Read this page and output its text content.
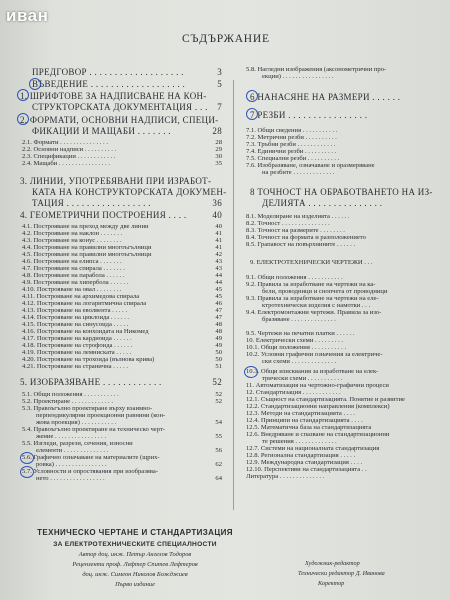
иван
СЪДЪРЖАНИЕ
ПРЕДГОВОР . . . . . . . . . . . . . . . . . . .	3
ВЪВЕДЕНИЕ . . . . . . . . . . . . . . . . . . .	5
1. ШРИФТОВЕ ЗА НАДПИСВАНЕ НА КОН-
СТРУКТОРСКАТА ДОКУМЕНТАЦИЯ . . . 7
2. ФОРМАТИ, ОСНОВНИ НАДПИСИ, СПЕЦИ-
ФИКАЦИИ И МАЩАБИ . . . . . . .	28
2.1. Формати . . . . . . . . . . . . . . .	28
2.2. Основни надписи . . . . . . . . . .	29
2.3. Спецификации . . . . . . . . . . . .	30
2.4. Мащаби . . . . . . . . . . . . . . . .	35
3. ЛИНИИ, УПОТРЕБЯВАНИ ПРИ ИЗРАБОТ-
КАТА НА КОНСТРУКТОРСКАТА ДОКУМЕН-
ТАЦИЯ . . . . . . . . . . . . . . . . .	36
4. ГЕОМЕТРИЧНИ ПОСТРОЕНИЯ . . . .	40
4.1. Построяване на преход между две линии	40
4.2. Построяване на наклон . . . . . . .	41
4.3. Построяване на конус . . . . . . . .	41
4.4. Построяване на правилни многоъгълници	41
4.5. Построяване на правилни многоъгълници	42
4.6. Построяване на елипса . . . . . . .	43
4.7. Построяване на спирала . . . . . . .	43
4.8. Построяване на парабола . . . . . .	44
4.9. Построяване на хипербола . . . . . .	44
4.10. Построяване на овал . . . . . . . .	45
4.11. Построяване на архимедова спирала	45
4.12. Построяване на логаритмична спирала	46
4.13. Построяване на еволвента . . . . .	47
4.14. Построяване на циклоида . . . . . .	47
4.15. Построяване на синусоида . . . . .	48
4.16. Построяване на конхоидата на Никомед	48
4.17. Построяване на кардиоида . . . . . .	49
4.18. Построяване на строфоида . . . . . .	49
4.19. Построяване на лемниската . . . . .	50
4.20. Построяване на трохоида (вълнова крива)	50
4.21. Построяване на странична . . . . .	51
5. ИЗОБРАЗЯВАНЕ . . . . . . . . . . . .	52
5.1. Общи положения . . . . . . . . . . .	52
5.2. Проектиране . . . . . . . . . . . . .	52
5.3. Правоъгълно проектиране върху взаимно-
перпендикулярни проекционни равнини (кон-
жова проекция) . . . . . . . . . . .	54
5.4. Правоъгълно проектиране на техническо черт-
жение . . . . . . . . . . . . . . . .	55
5.5. Изгледи, разрези, сечения, износни
елементи . . . . . . . . . . . . . .	56
5.6. Графично означаване на материалите (щрих-
ровка) . . . . . . . . . . . . . . . .	62
5.7. Условности и опростявания при изобразява-
нето . . . . . . . . . . . . . . . . .	64
5.8. Нагледни изображения (аксонометрични про-
екции) . . . . . . . . . . . . . . . .
6 НАНАСЯНЕ НА РАЗМЕРИ . . . . . .
7 РЕЗБИ . . . . . . . . . . . . . . . .
7.1. Общи сведения . . . . . . . . . . .
7.2. Метрични резби . . . . . . . . . .
7.3. Тръбни резби . . . . . . . . . . . .
7.4. Единични резби . . . . . . . . . .
7.5. Специални резби . . . . . . . . . .
7.6. Изобразяване, означаване и оразмеряване
на резбите . . . . . . . . . . . . .
8 ТОЧНОСТ НА ОБРАБОТВАНЕТО НА ИЗ-
ДЕЛИЯТА . . . . . . . . . . . . . . .
8.1. Моделиране на изделията . . . . . .
8.2. Точност . . . . . . . . . . . . . . .
8.3. Точност на размерите . . . . . . . .
8.4. Точност на формата и разположението
8.5. Грапавост на повърхнините . . . . . .
9. ЕЛЕКТРОТЕХНИЧЕСКИ ЧЕРТЕЖИ . . .
9.1. Общи положения . . . . . . . . . . .
9.2. Правила за изработване на чертежи на ка-
бели, проводници и снопчета от проводници
9.3. Правила за изработване на чертежи на еле-
ктротехнически изделия с намотки . . .
9.4. Електромонтажни чертежи. Правила за изо-
бразяване . . . . . . . . . . . . . .
9.5. Чертежи на печатни платки . . . . . .
10. Електрически схеми . . . . . . . . .
10.1. Общи положения . . . . . . . . . . .
10.2. Условни графични означения за електриче-
ски схеми . . . . . . . . . . . . . .
10.3. Общи изисквания за изработване на елек-
трически схеми . . . . . . . . . . .
11. Автоматизация на чертожно-графични процеси
12. Стандартизация . . . . . . . . . . . .
12.1. Същност на стандартизацията. Понятие и развитие
12.2. Стандартизационни направления (комплекси)
12.3. Методи на стандартизацията . . . .
12.4. Принципи на стандартизацията . . . .
12.5. Математична база на стандартизацията
12.6. Внедряване и спазване на стандартизационни
те решения . . . . . . . . . . . . .
12.7. Системи на националната стандартизация
12.8. Регионална стандартизация . . . . .
12.9. Международна стандартизация . . . .
12.10. Перспективи на стандартизацията . .
Литература . . . . . . . . . . . . . .
ТЕХНИЧЕСКО ЧЕРТАНЕ И СТАНДАРТИЗАЦИЯ
ЗА ЕЛЕКТРОТЕХНИЧЕСКИТЕ СПЕЦИАЛНОСТИ
Автор доц. инж. Петър Ангелов Тодоров
Рецензенти проф. Лефтер Спитев Лефтеров
доц. инж. Симеон Николов Божджиев
Първо издание
Художник-редактор
Технически редактор Д. Иванова
Коректор
